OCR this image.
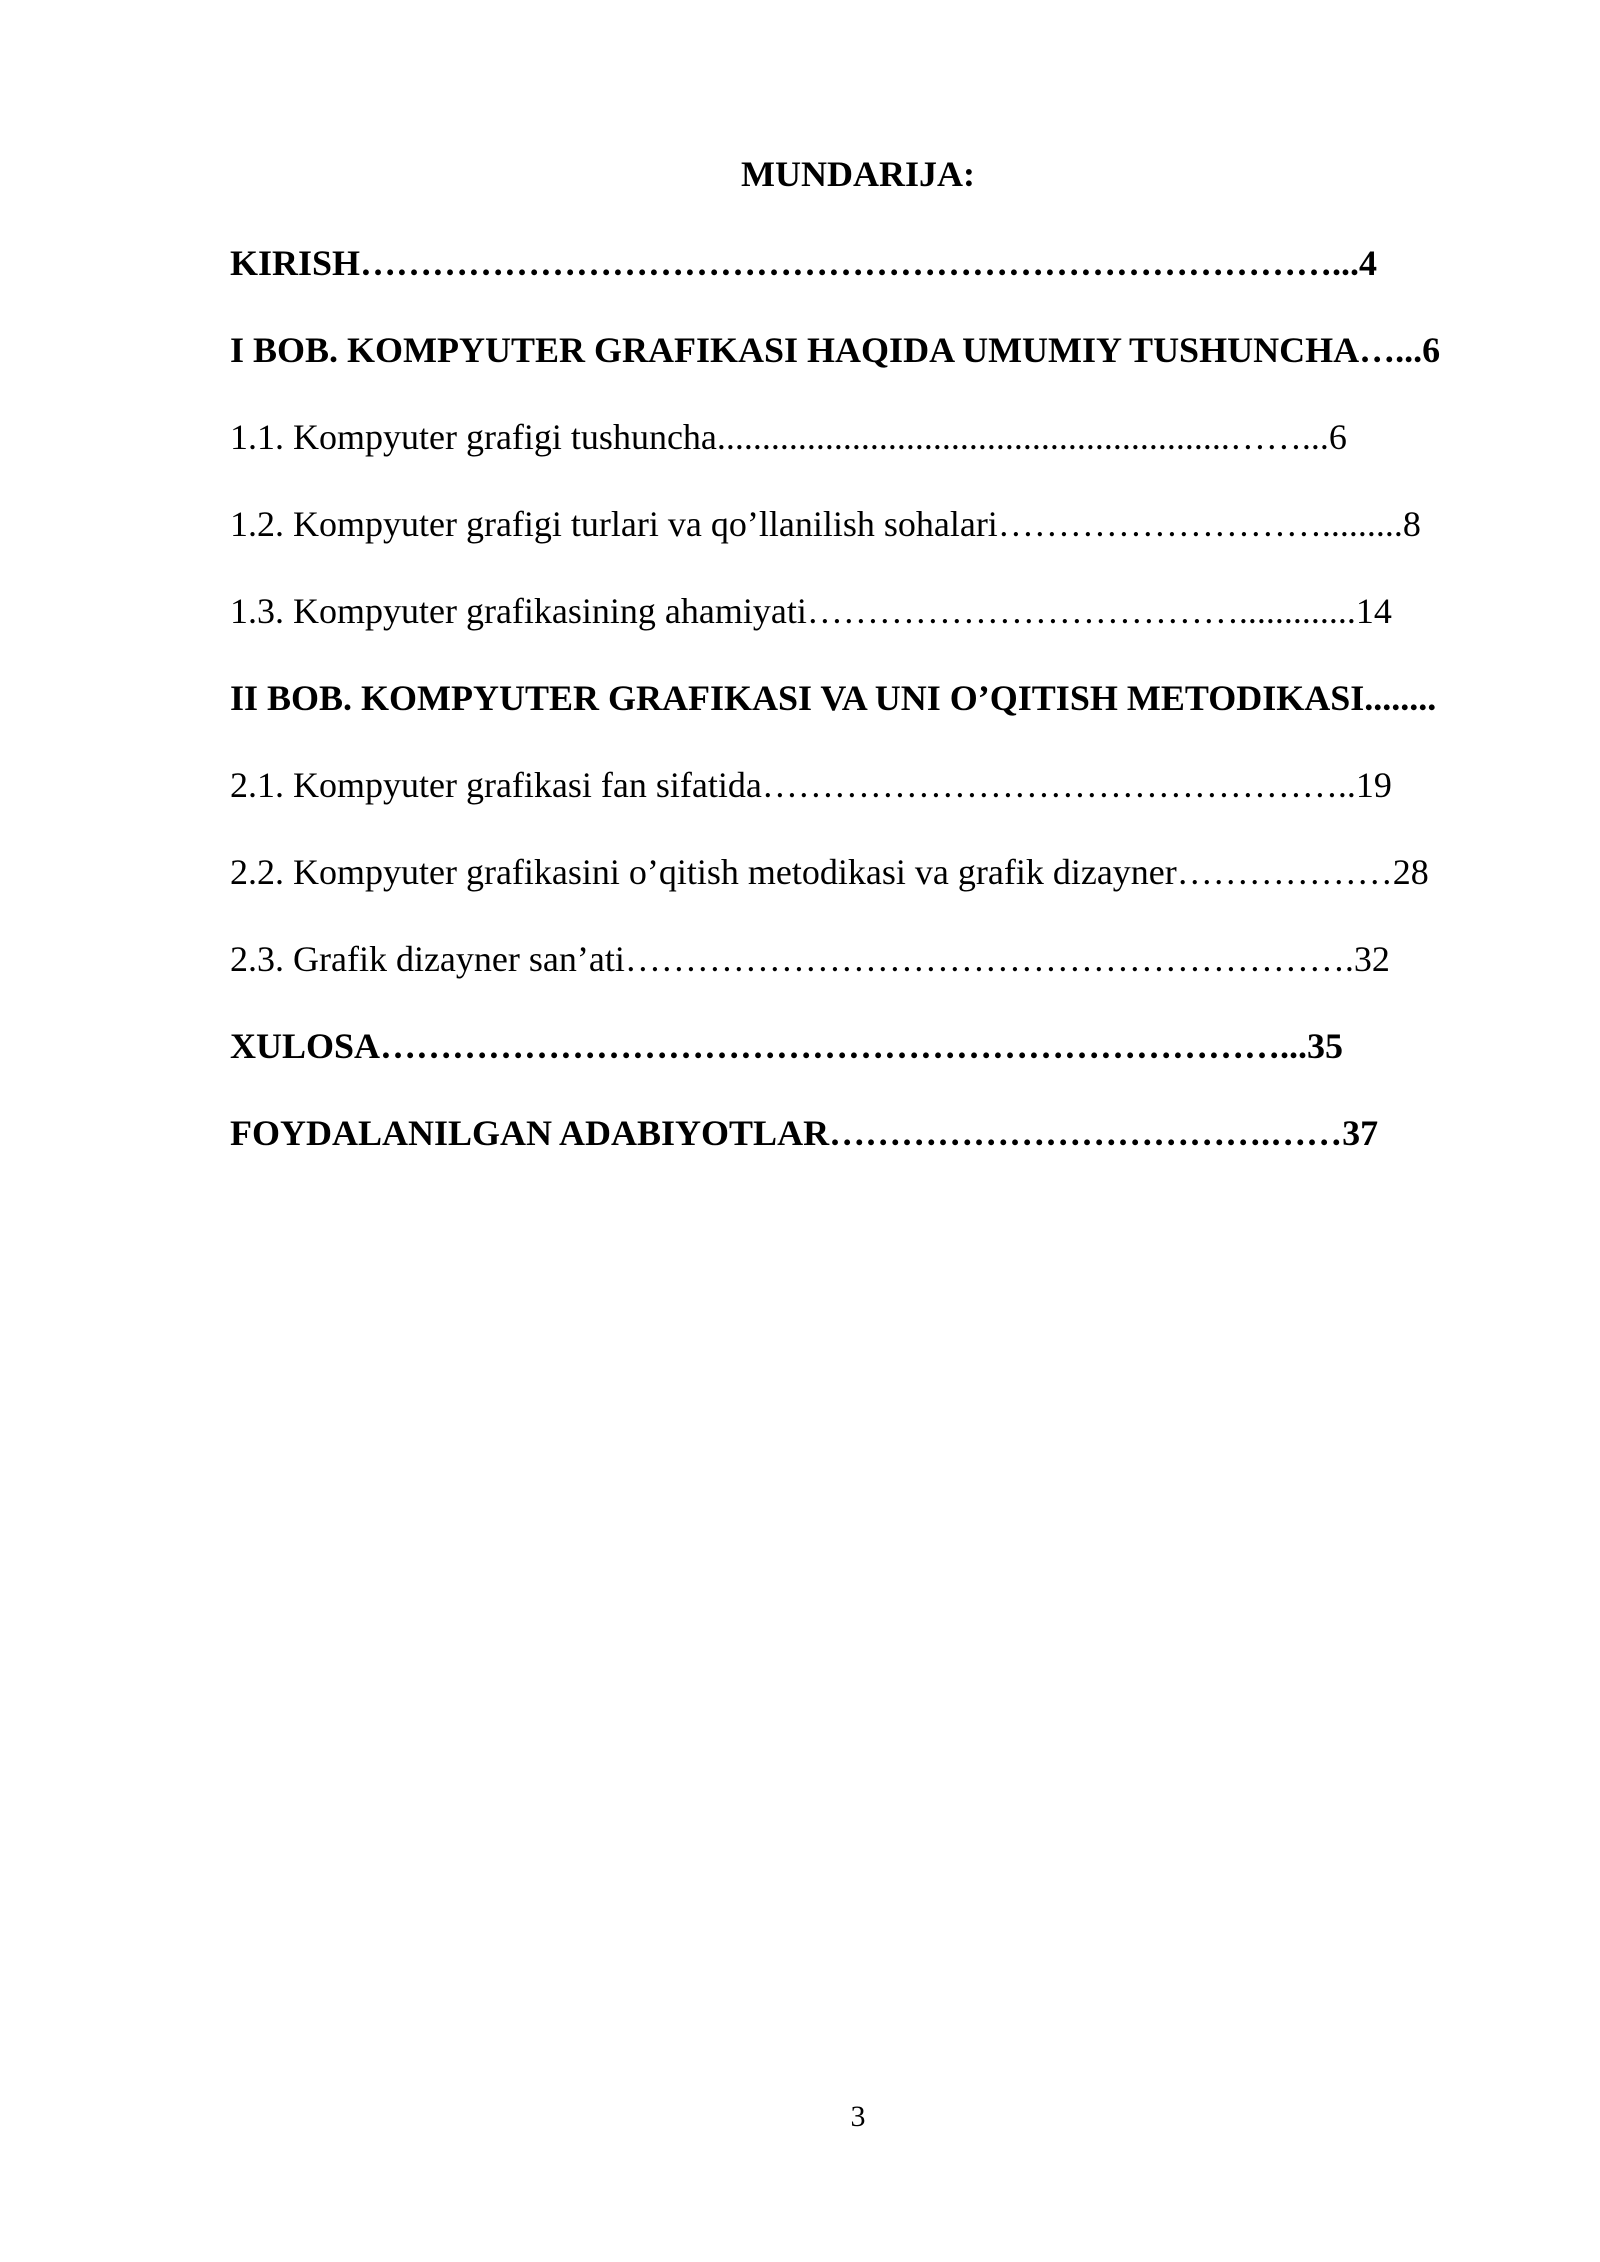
MUNDARIJA:
KIRISH………………………………………………………………………...4
I BOB. KOMPYUTER GRAFIKASI HAQIDA UMUMIY TUSHUNCHA…...6
1.1. Kompyuter grafigi tushuncha.........................................................……...6
1.2. Kompyuter grafigi turlari va qo’llanilish sohalari……………………….........8
1.3. Kompyuter grafikasining ahamiyati……………………………….............14
II BOB. KOMPYUTER GRAFIKASI VA UNI O’QITISH METODIKASI........
2.1. Kompyuter grafikasi fan sifatida…………………………………………..19
2.2. Kompyuter grafikasini o’qitish metodikasi va grafik dizayner………………28
2.3. Grafik dizayner san’ati…………………………………………………….32
XULOSA…………………………………………………………………...35
FOYDALANILGAN ADABIYOTLAR……………………………….……37
3
